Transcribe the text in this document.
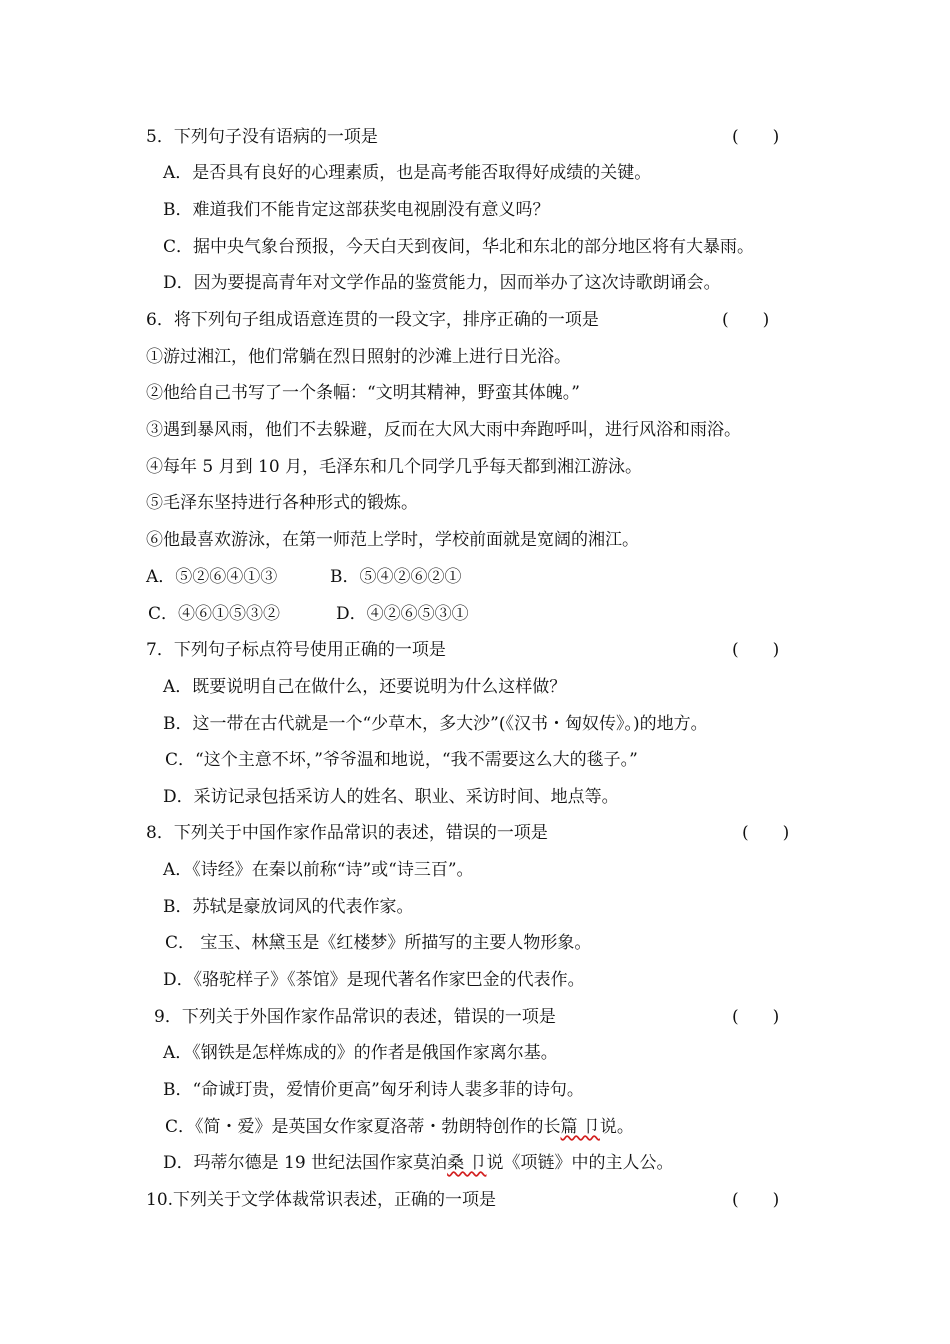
5．下列句子没有语病的一项是	(　　)
A．是否具有良好的心理素质，也是高考能否取得好成绩的关键。
B．难道我们不能肯定这部获奖电视剧没有意义吗？
C．据中央气象台预报，今天白天到夜间，华北和东北的部分地区将有大暴雨。
D．因为要提高青年对文学作品的鉴赏能力，因而举办了这次诗歌朗诵会。
6．将下列句子组成语意连贯的一段文字，排序正确的一项是	(　　)
①游过湘江，他们常躺在烈日照射的沙滩上进行日光浴。
②他给自己书写了一个条幅：“文明其精神，野蛮其体魄。”
③遇到暴风雨，他们不去躲避，反而在大风大雨中奔跑呼叫，进行风浴和雨浴。
④每年 5 月到 10 月，毛泽东和几个同学几乎每天都到湘江游泳。
⑤毛泽东坚持进行各种形式的锻炼。
⑥他最喜欢游泳，在第一师范上学时，学校前面就是宽阔的湘江。
A．⑤②⑥④①③	B．⑤④②⑥②①
C．④⑥①⑤③②	D．④②⑥⑤③①
7．下列句子标点符号使用正确的一项是	(　　)
A．既要说明自己在做什么，还要说明为什么这样做？
B．这一带在古代就是一个“少草木，多大沙”(《汉书・匈奴传》。)的地方。
C．“这个主意不坏，”爷爷温和地说，“我不需要这么大的毯子。”
D．采访记录包括采访人的姓名、职业、采访时间、地点等。
8．下列关于中国作家作品常识的表述，错误的一项是	(　　)
A．《诗经》在秦以前称“诗”或“诗三百”。
B．苏轼是豪放词风的代表作家。
C． 宝玉、林黛玉是《红楼梦》所描写的主要人物形象。
D．《骆驼样子》《茶馆》是现代著名作家巴金的代表作。
9．下列关于外国作家作品常识的表述，错误的一项是	(　　)
A．《钢铁是怎样炼成的》的作者是俄国作家离尔基。
B．“命诚玎贵，爱情价更高”匈牙利诗人裴多菲的诗句。
C．《简・爱》是英国女作家夏洛蒂・勃朗特创作的长篇 卩说。
D．玛蒂尔德是 19 世纪法国作家莫泊桑 卩说《项链》中的主人公。
10.下列关于文学体裁常识表述，正确的一项是	(　　)
